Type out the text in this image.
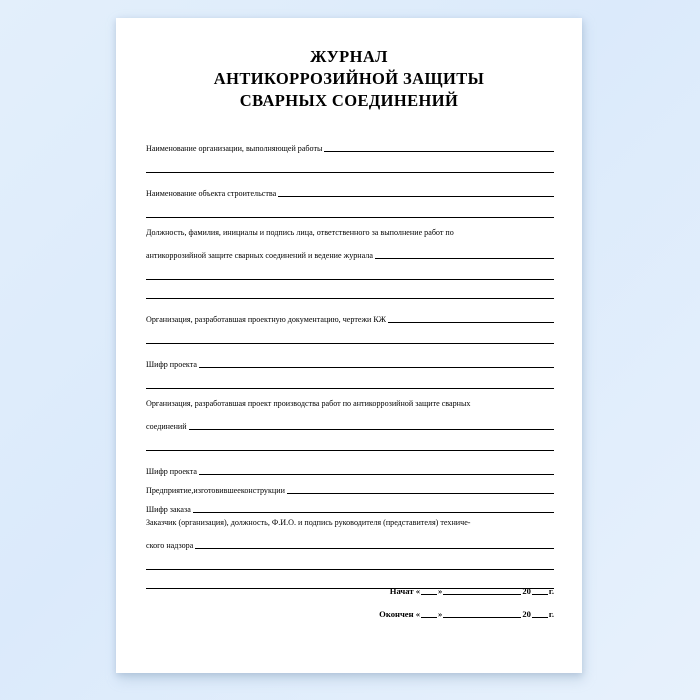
ЖУРНАЛ
АНТИКОРРОЗИЙНОЙ ЗАЩИТЫ
СВАРНЫХ СОЕДИНЕНИЙ
Наименование организации, выполняющей работы
Наименование объекта строительства
Должность, фамилия, инициалы и подпись лица, ответственного за выполнение работ по
антикоррозийной защите сварных соединений и ведение журнала
Организация, разработавшая проектную документацию, чертежи КЖ
Шифр проекта
Организация, разработавшая проект производства работ по антикоррозийной защите сварных
соединений
Шифр проекта
Предприятие,изготовившееконструкции
Шифр заказа
Заказчик (организация), должность, Ф.И.О. и подпись руководителя (представителя) техниче-
ского надзора
Начат « »	20 г.
Окончен « »	20 г.
